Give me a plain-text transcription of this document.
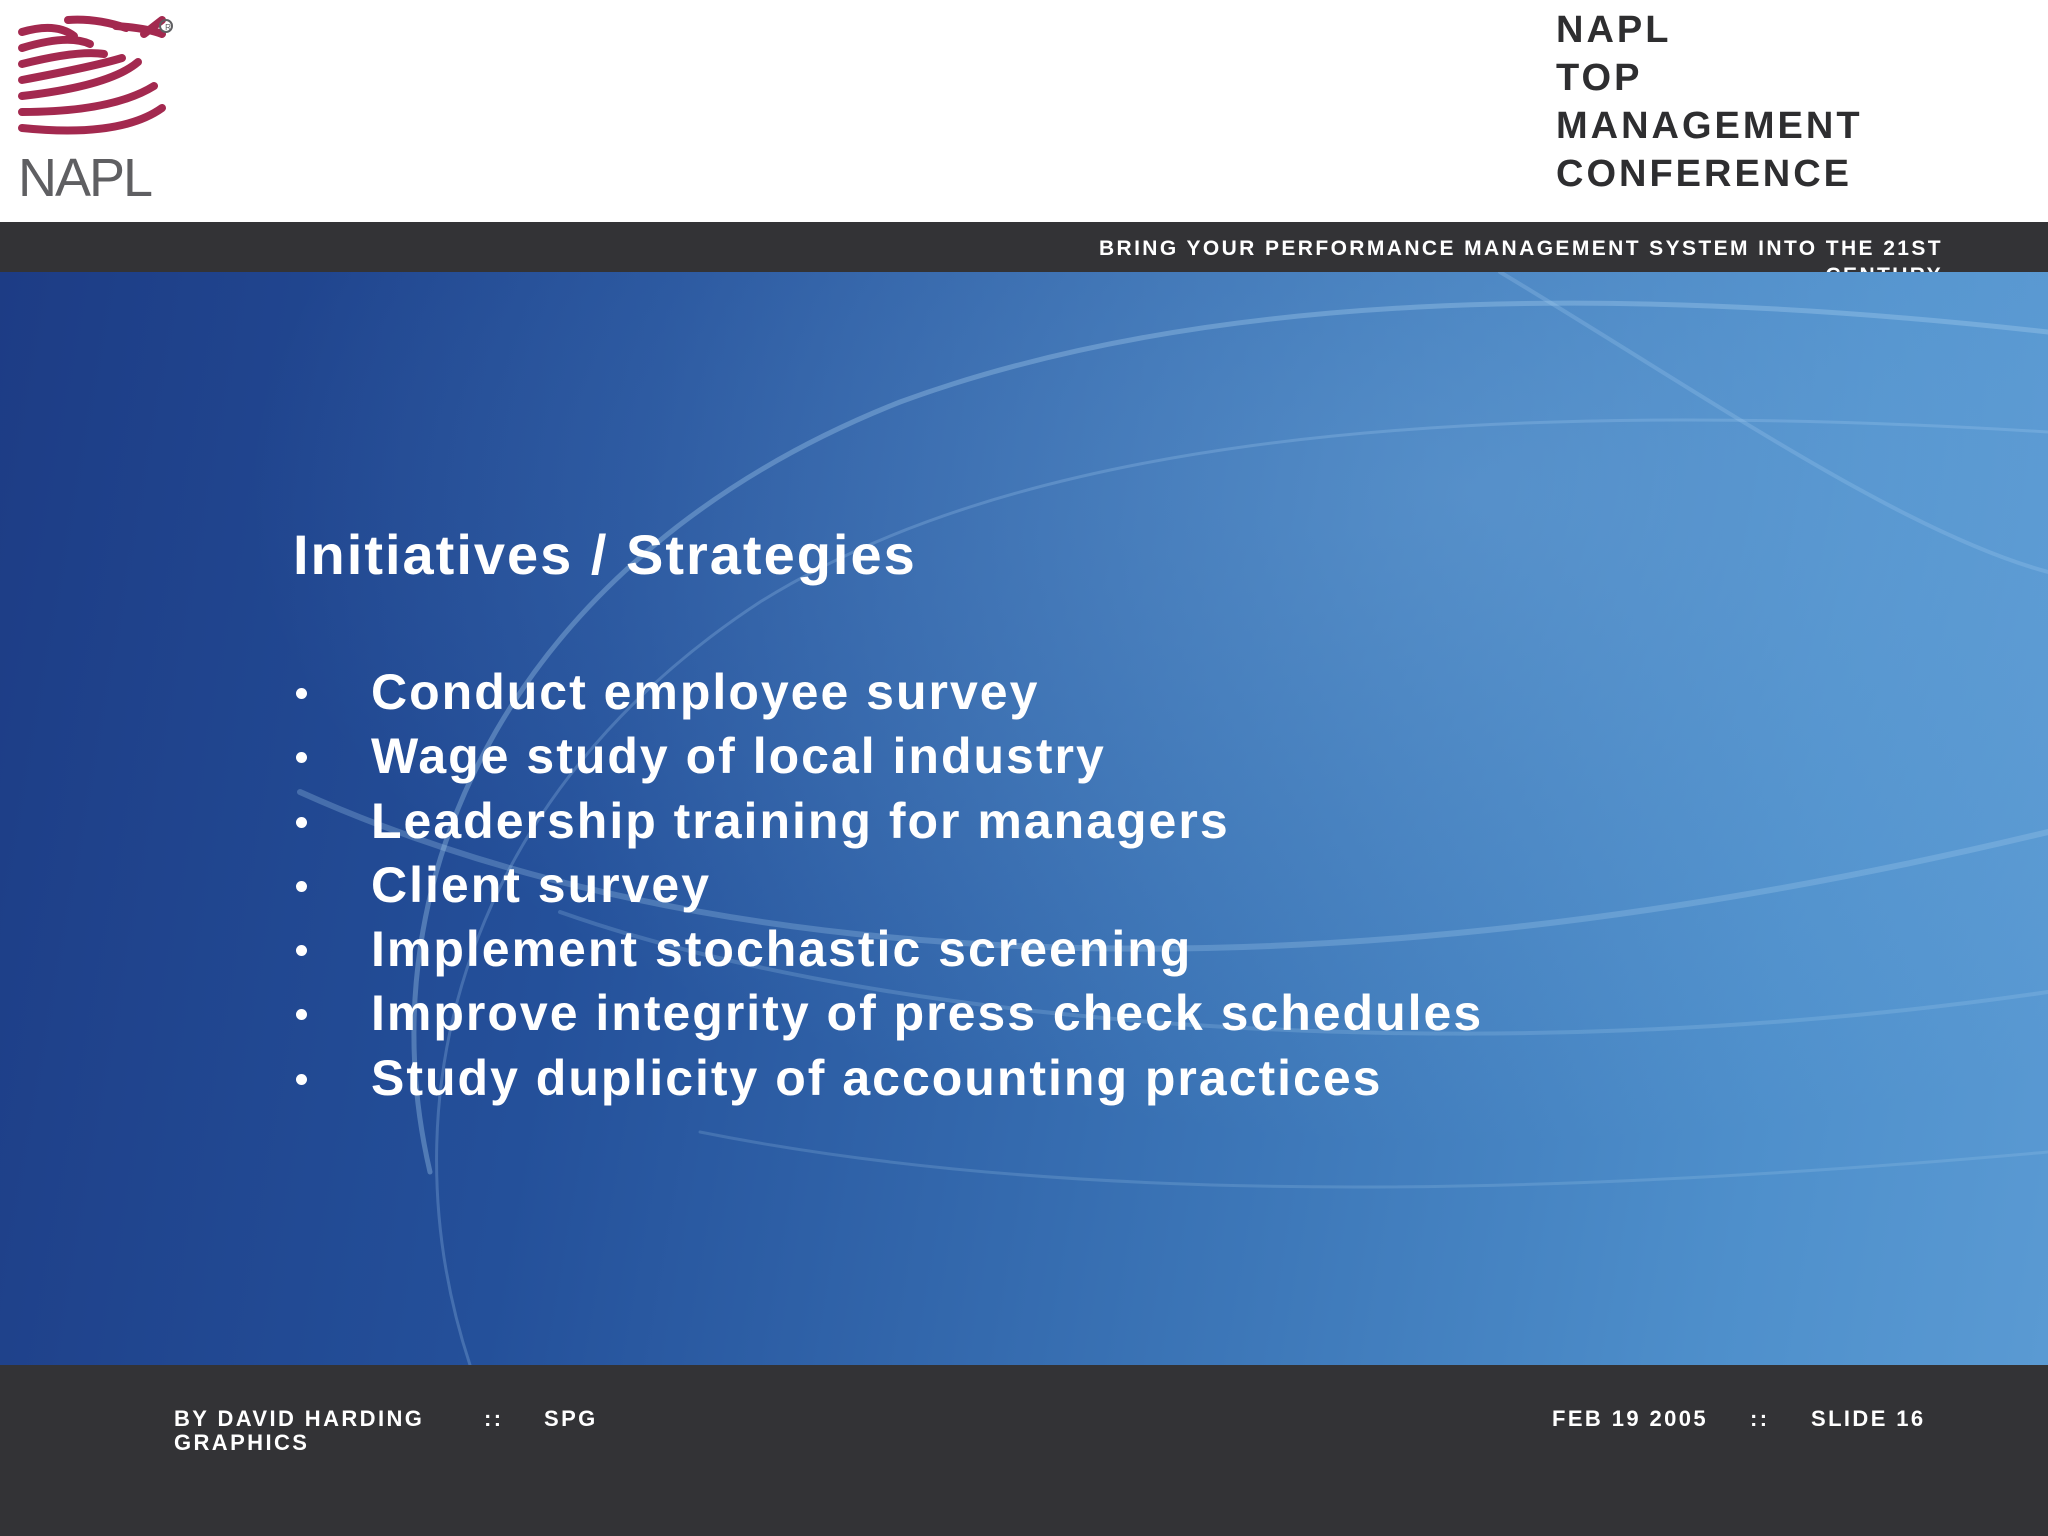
R
NAPL
NAPL
TOP
MANAGEMENT
CONFERENCE
BRING YOUR PERFORMANCE MANAGEMENT SYSTEM INTO THE 21ST
Initiatives / Strategies
Conduct employee survey
Wage study of local industry
Leadership training for managers
Client survey
Implement stochastic screening
Improve integrity of press check schedules
Study duplicity of accounting practices
BY DAVID HARDING
GRAPHICS
:: SPG	FEB 19 2005 :: SLIDE 16
